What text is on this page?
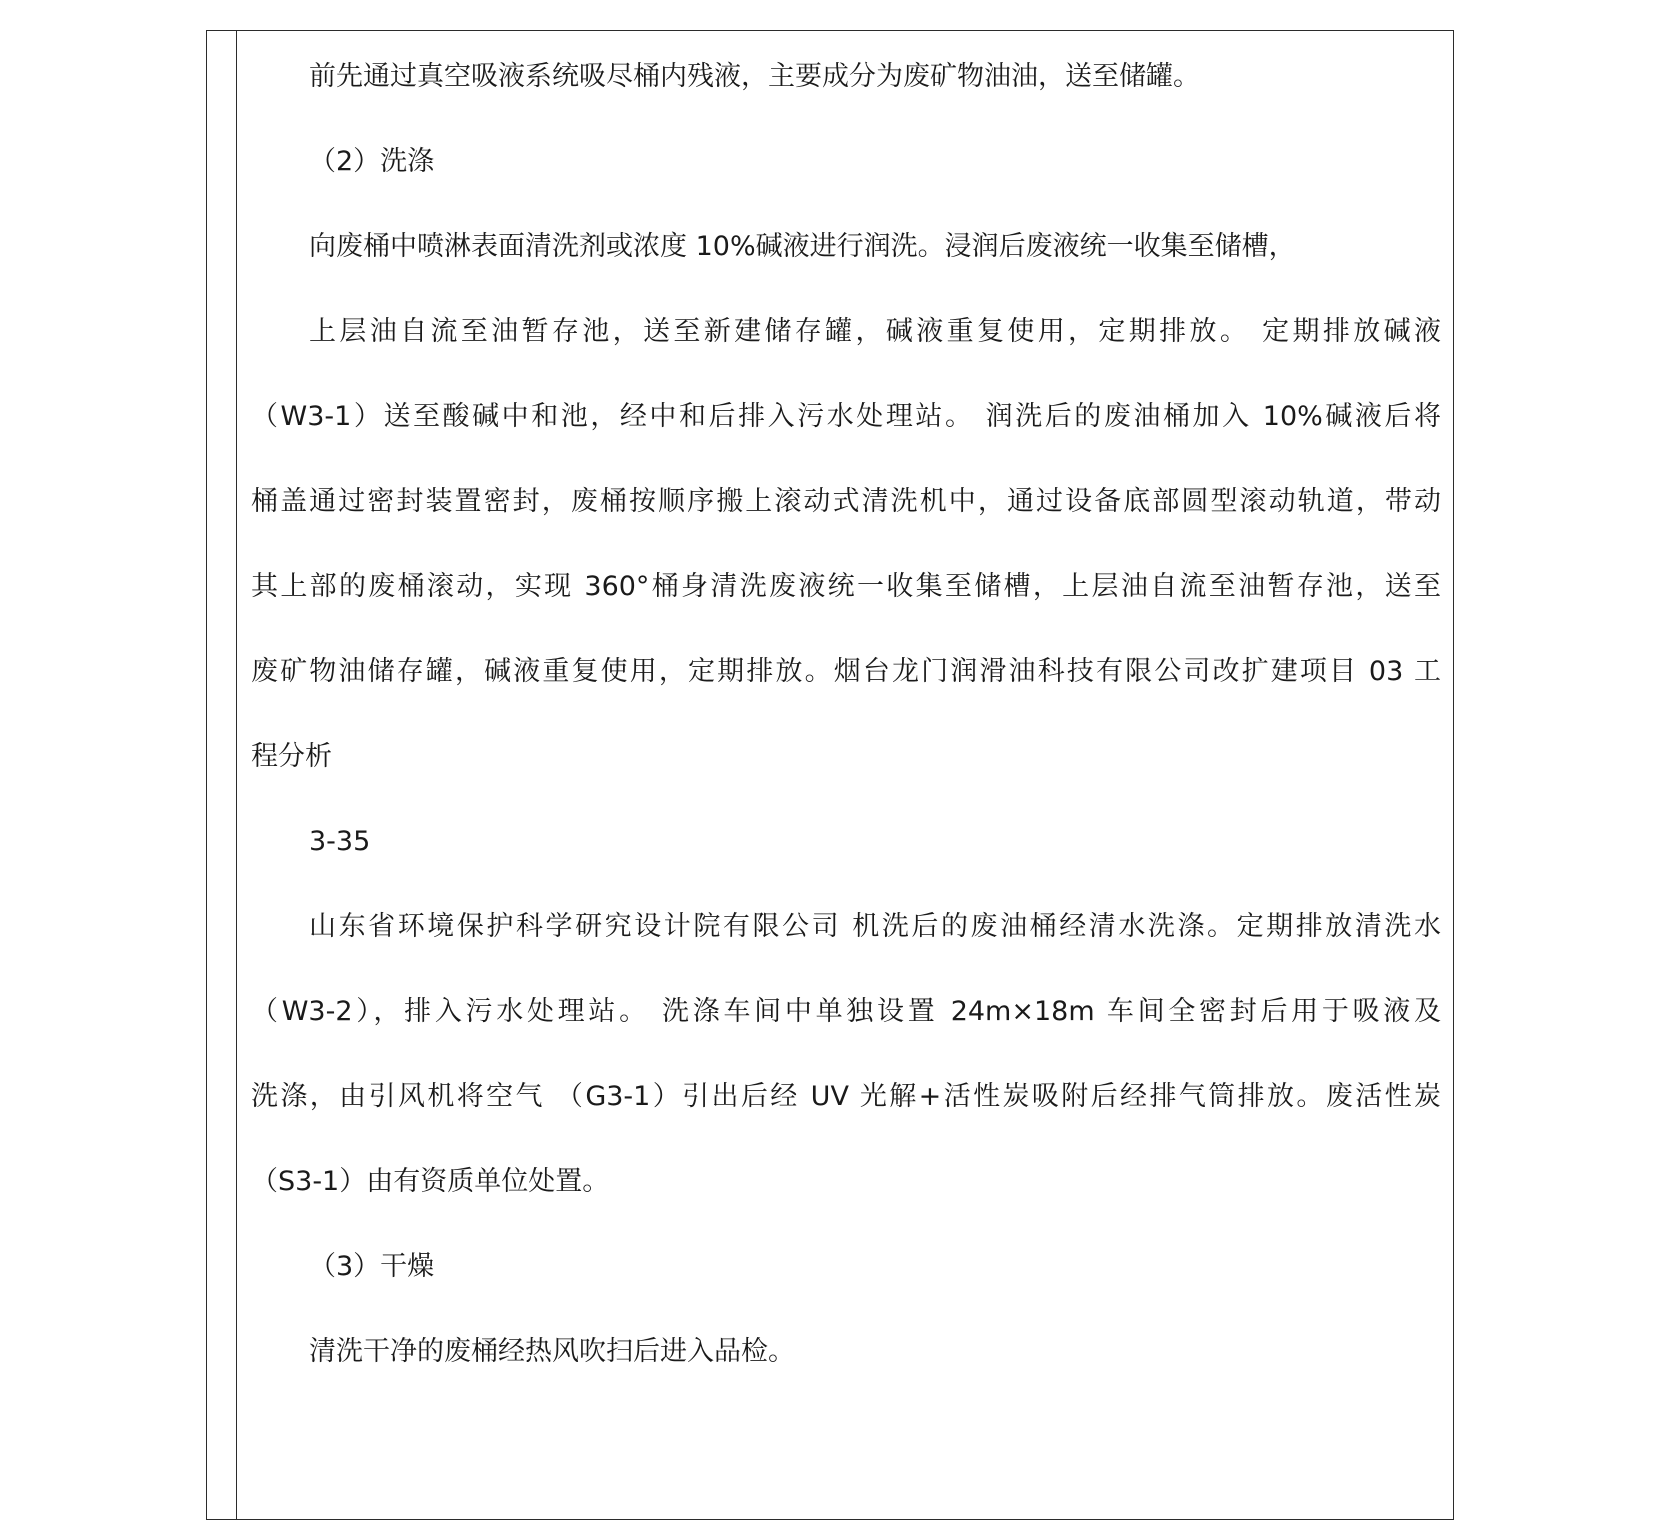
前先通过真空吸液系统吸尽桶内残液，主要成分为废矿物油油，送至储罐。
（2）洗涤
向废桶中喷淋表面清洗剂或浓度 10%碱液进行润洗。浸润后废液统一收集至储槽，
上层油自流至油暂存池，送至新建储存罐，碱液重复使用，定期排放。 定期排放碱液
（W3-1）送至酸碱中和池，经中和后排入污水处理站。 润洗后的废油桶加入 10%碱液后将
桶盖通过密封装置密封，废桶按顺序搬上滚动式清洗机中，通过设备底部圆型滚动轨道，带动
其上部的废桶滚动，实现 360°桶身清洗废液统一收集至储槽，上层油自流至油暂存池，送至
废矿物油储存罐，碱液重复使用，定期排放。烟台龙门润滑油科技有限公司改扩建项目 03 工
程分析
3-35
山东省环境保护科学研究设计院有限公司 机洗后的废油桶经清水洗涤。定期排放清洗水
（W3-2），排入污水处理站。 洗涤车间中单独设置 24m×18m 车间全密封后用于吸液及
洗涤，由引风机将空气 （G3-1）引出后经 UV 光解+活性炭吸附后经排气筒排放。废活性炭
（S3-1）由有资质单位处置。
（3）干燥
清洗干净的废桶经热风吹扫后进入品检。
